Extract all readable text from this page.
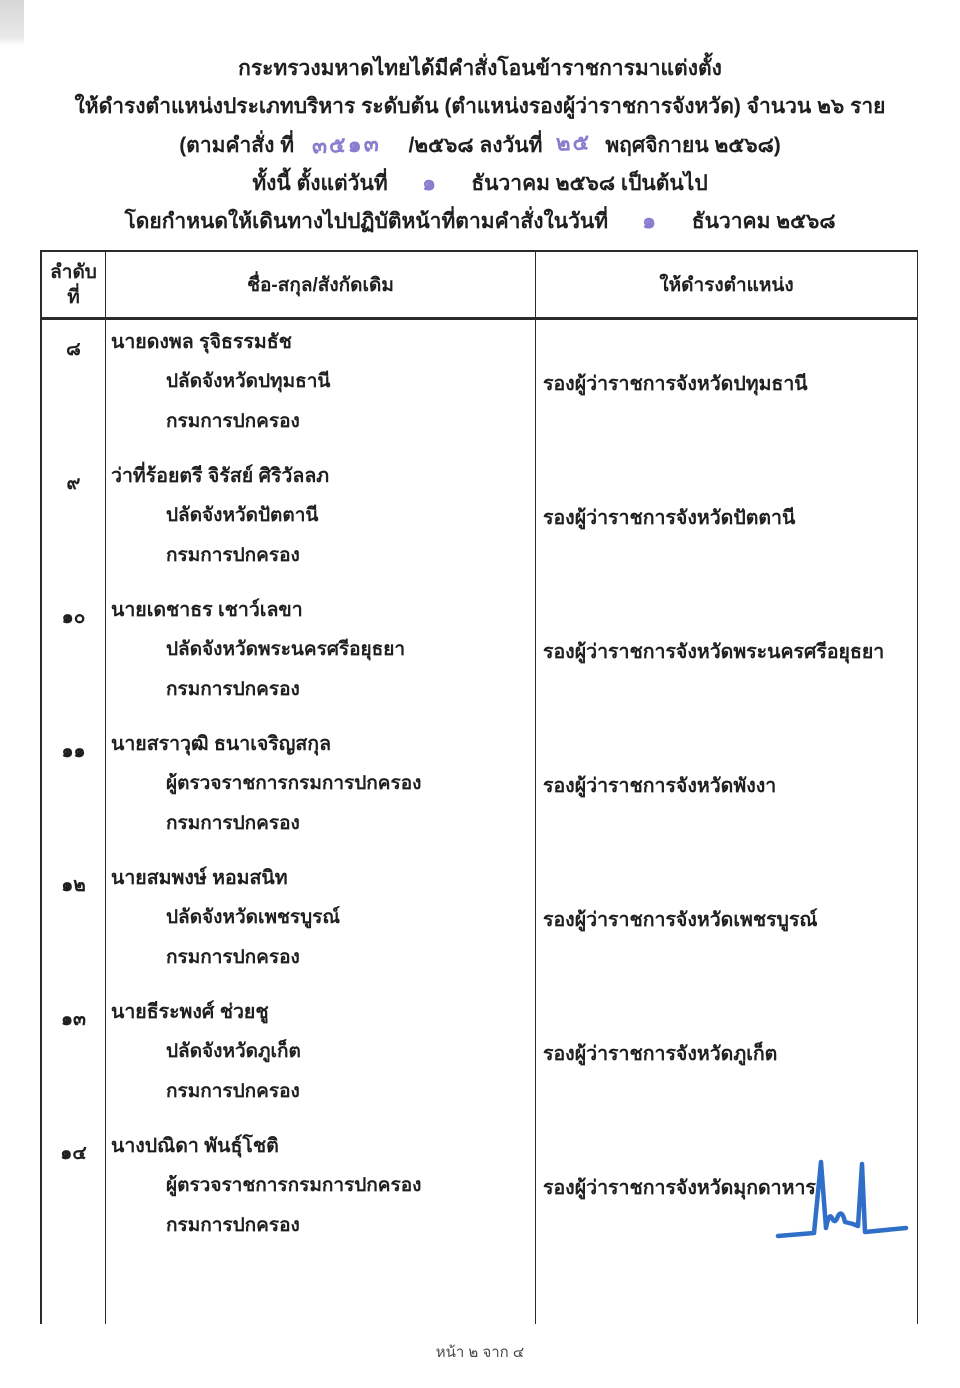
กระทรวงมหาดไทยได้มีคำสั่งโอนข้าราชการมาแต่งตั้ง
ให้ดำรงตำแหน่งประเภทบริหาร ระดับต้น (ตำแหน่งรองผู้ว่าราชการจังหวัด) จำนวน ๒๖ ราย
(ตามคำสั่ง ที่ ๓๕๑๓ /๒๕๖๘ ลงวันที่ ๒๕ พฤศจิกายน ๒๕๖๘)
ทั้งนี้ ตั้งแต่วันที่ ๑ ธันวาคม ๒๕๖๘ เป็นต้นไป
โดยกำหนดให้เดินทางไปปฏิบัติหน้าที่ตามคำสั่งในวันที่ ๑ ธันวาคม ๒๕๖๘
ลำดับ
ที่
ชื่อ-สกุล/สังกัดเดิม	ให้ดำรงตำแหน่ง
๘	นายดงพล รุจิธรรมธัช
ปลัดจังหวัดปทุมธานี
กรมการปกครอง
รองผู้ว่าราชการจังหวัดปทุมธานี
๙	ว่าที่ร้อยตรี จิรัสย์ ศิริวัลลภ
ปลัดจังหวัดปัตตานี
กรมการปกครอง
รองผู้ว่าราชการจังหวัดปัตตานี
๑๐	นายเดชาธร เชาว์เลขา
ปลัดจังหวัดพระนครศรีอยุธยา
กรมการปกครอง
รองผู้ว่าราชการจังหวัดพระนครศรีอยุธยา
๑๑	นายสราวุฒิ ธนาเจริญสกุล
ผู้ตรวจราชการกรมการปกครอง
กรมการปกครอง
รองผู้ว่าราชการจังหวัดพังงา
๑๒	นายสมพงษ์ หอมสนิท
ปลัดจังหวัดเพชรบูรณ์
กรมการปกครอง
รองผู้ว่าราชการจังหวัดเพชรบูรณ์
๑๓	นายธีระพงศ์ ช่วยชู
ปลัดจังหวัดภูเก็ต
กรมการปกครอง
รองผู้ว่าราชการจังหวัดภูเก็ต
๑๔	นางปณิดา พันธุ์โชติ
ผู้ตรวจราชการกรมการปกครอง
กรมการปกครอง
รองผู้ว่าราชการจังหวัดมุกดาหาร
หน้า ๒ จาก ๔
